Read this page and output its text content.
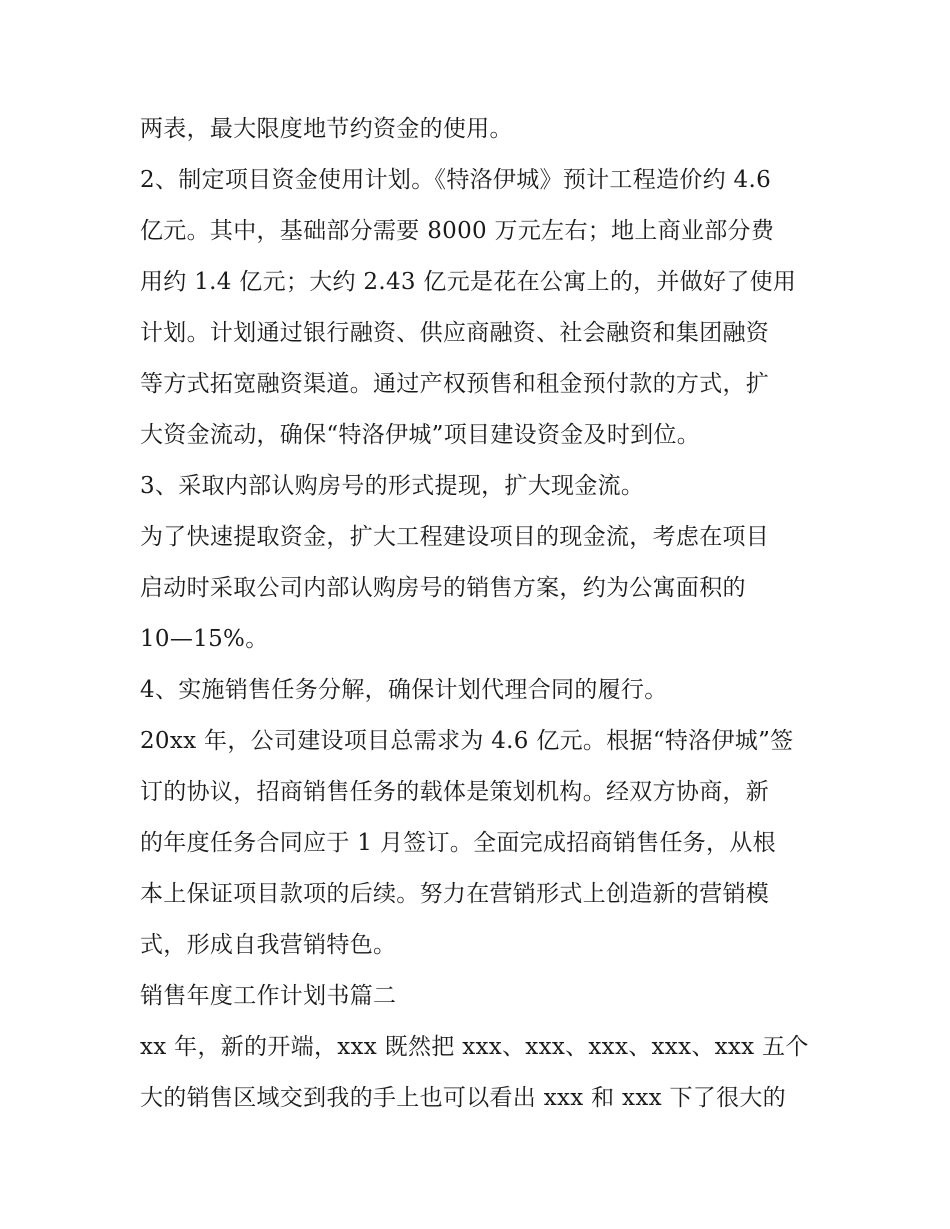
两表，最大限度地节约资金的使用。
2、制定项目资金使用计划。《特洛伊城》预计工程造价约 4.6
亿元。其中，基础部分需要 8000 万元左右；地上商业部分费
用约 1.4 亿元；大约 2.43 亿元是花在公寓上的，并做好了使用
计划。计划通过银行融资、供应商融资、社会融资和集团融资
等方式拓宽融资渠道。通过产权预售和租金预付款的方式，扩
大资金流动，确保“特洛伊城”项目建设资金及时到位。
3、采取内部认购房号的形式提现，扩大现金流。
为了快速提取资金，扩大工程建设项目的现金流，考虑在项目
启动时采取公司内部认购房号的销售方案，约为公寓面积的
10—15%。
4、实施销售任务分解，确保计划代理合同的履行。
20xx 年，公司建设项目总需求为 4.6 亿元。根据“特洛伊城”签
订的协议，招商销售任务的载体是策划机构。经双方协商，新
的年度任务合同应于 1 月签订。全面完成招商销售任务，从根
本上保证项目款项的后续。努力在营销形式上创造新的营销模
式，形成自我营销特色。
销售年度工作计划书篇二
xx 年，新的开端，xxx 既然把 xxx、xxx、xxx、xxx、xxx 五个
大的销售区域交到我的手上也可以看出 xxx 和 xxx 下了很大的
